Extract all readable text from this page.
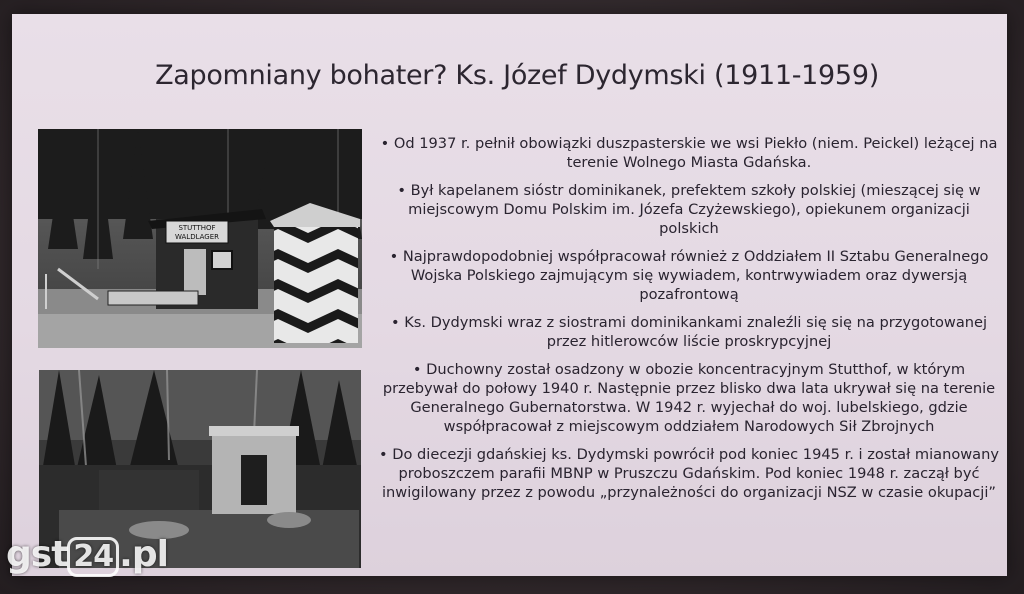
Zapomniany bohater? Ks. Józef Dydymski (1911-1959)
STUTTHOF
WALDLAGER
• Od 1937 r. pełnił obowiązki duszpasterskie we wsi Piekło (niem. Peickel) leżącej na terenie Wolnego Miasta Gdańska.
• Był kapelanem sióstr dominikanek, prefektem szkoły polskiej (mieszącej się w miejscowym Domu Polskim im. Józefa Czyżewskiego), opiekunem organizacji polskich
• Najprawdopodobniej współpracował również z Oddziałem II Sztabu Generalnego Wojska Polskiego zajmującym się wywiadem, kontrwywiadem oraz dywersją pozafrontową
• Ks. Dydymski wraz z siostrami dominikankami znaleźli się się na przygotowanej przez hitlerowców liście proskrypcyjnej
• Duchowny został osadzony w obozie koncentracyjnym Stutthof, w którym przebywał do połowy 1940 r. Następnie przez blisko dwa lata ukrywał się na terenie Generalnego Gubernatorstwa. W 1942 r. wyjechał do woj. lubelskiego, gdzie współpracował z miejscowym oddziałem Narodowych Sił Zbrojnych
• Do diecezji gdańskiej ks. Dydymski powrócił pod koniec 1945 r. i został mianowany proboszczem parafii MBNP w Pruszczu Gdańskim. Pod koniec 1948 r. zaczął być inwigilowany przez z powodu „przynależności do organizacji NSZ w czasie okupacji”
gst 24 .pl
